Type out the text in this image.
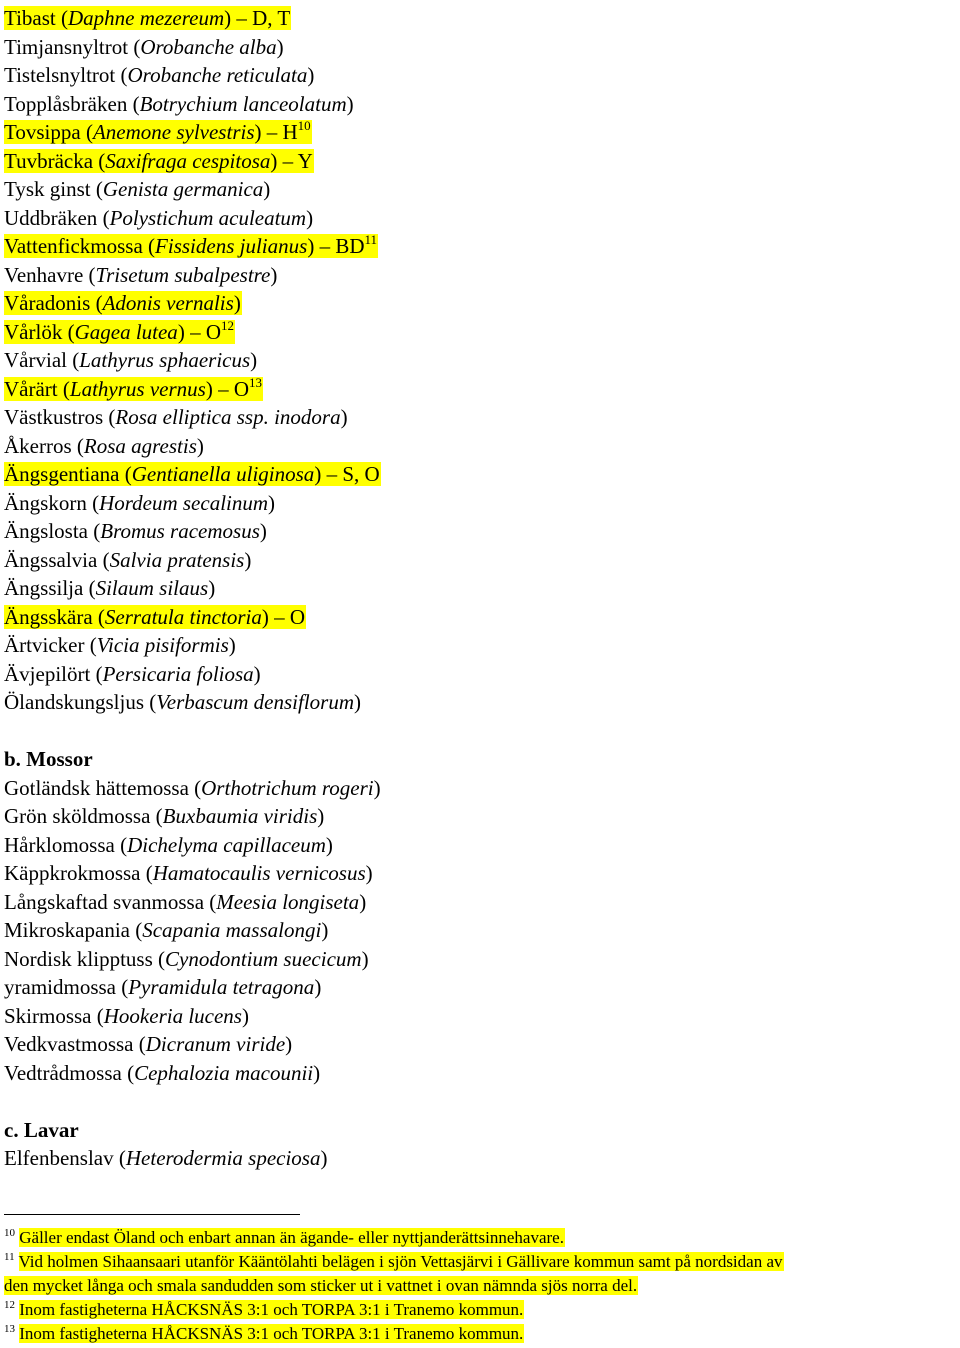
Tibast (Daphne mezereum) – D, T
Timjansnyltrot (Orobanche alba)
Tistelsnyltrot (Orobanche reticulata)
Topplåsbräken (Botrychium lanceolatum)
Tovsippa (Anemone sylvestris) – $H^{10}$
Tuvbräcka (Saxifraga cespitosa) – Y
Tysk ginst (Genista germanica)
Uddbräken (Polystichum aculeatum)
Vattenfickmossa (Fissidens julianus) – BD$^{11}$
Venhavre (Trisetum subalpestre)
Våradonis (Adonis vernalis)
Vårlök (Gagea lutea) – $O^{12}$
Vårvial (Lathyrus sphaericus)
Vårärt (Lathyrus vernus) – $O^{13}$
Västkustros (Rosa elliptica ssp. inodora)
Åkerros (Rosa agrestis)
Ängsgentiana (Gentianella uliginosa) – S, O
Ängskorn (Hordeum secalinum)
Ängslosta (Bromus racemosus)
Ängssalvia (Salvia pratensis)
Ängssilja (Silaum silaus)
Ängsskära (Serratula tinctoria) – O
Ärtvicker (Vicia pisiformis)
Ävjepilört (Persicaria foliosa)
Ölandskungsljus (Verbascum densiflorum)
b. Mossor
Gotländsk hättemossa (Orthotrichum rogeri)
Grön sköldmossa (Buxbaumia viridis)
Hårklomossa (Dichelyma capillaceum)
Käppkrokmossa (Hamatocaulis vernicosus)
Långskaftad svanmossa (Meesia longiseta)
Mikroskapania (Scapania massalongi)
Nordisk klipptuss (Cynodontium suecicum)
yramidmossa (Pyramidula tetragona)
Skirmossa (Hookeria lucens)
Vedkvastmossa (Dicranum viride)
Vedtrådmossa (Cephalozia macounii)
c. Lavar
Elfenbenslav (Heterodermia speciosa)
$^{10}$ Gäller endast Öland och enbart annan än ägande- eller nyttjanderättsinnehavare.
$^{11}$ Vid holmen Sihaansaari utanför Kääntölahti belägen i sjön Vettasjärvi i Gällivare kommun samt på nordsidan av
den mycket långa och smala sandudden som sticker ut i vattnet i ovan nämnda sjös norra del.
$^{12}$ Inom fastigheterna HÅCKSNÄS 3:1 och TORPA 3:1 i Tranemo kommun.
$^{13}$ Inom fastigheterna HÅCKSNÄS 3:1 och TORPA 3:1 i Tranemo kommun.
